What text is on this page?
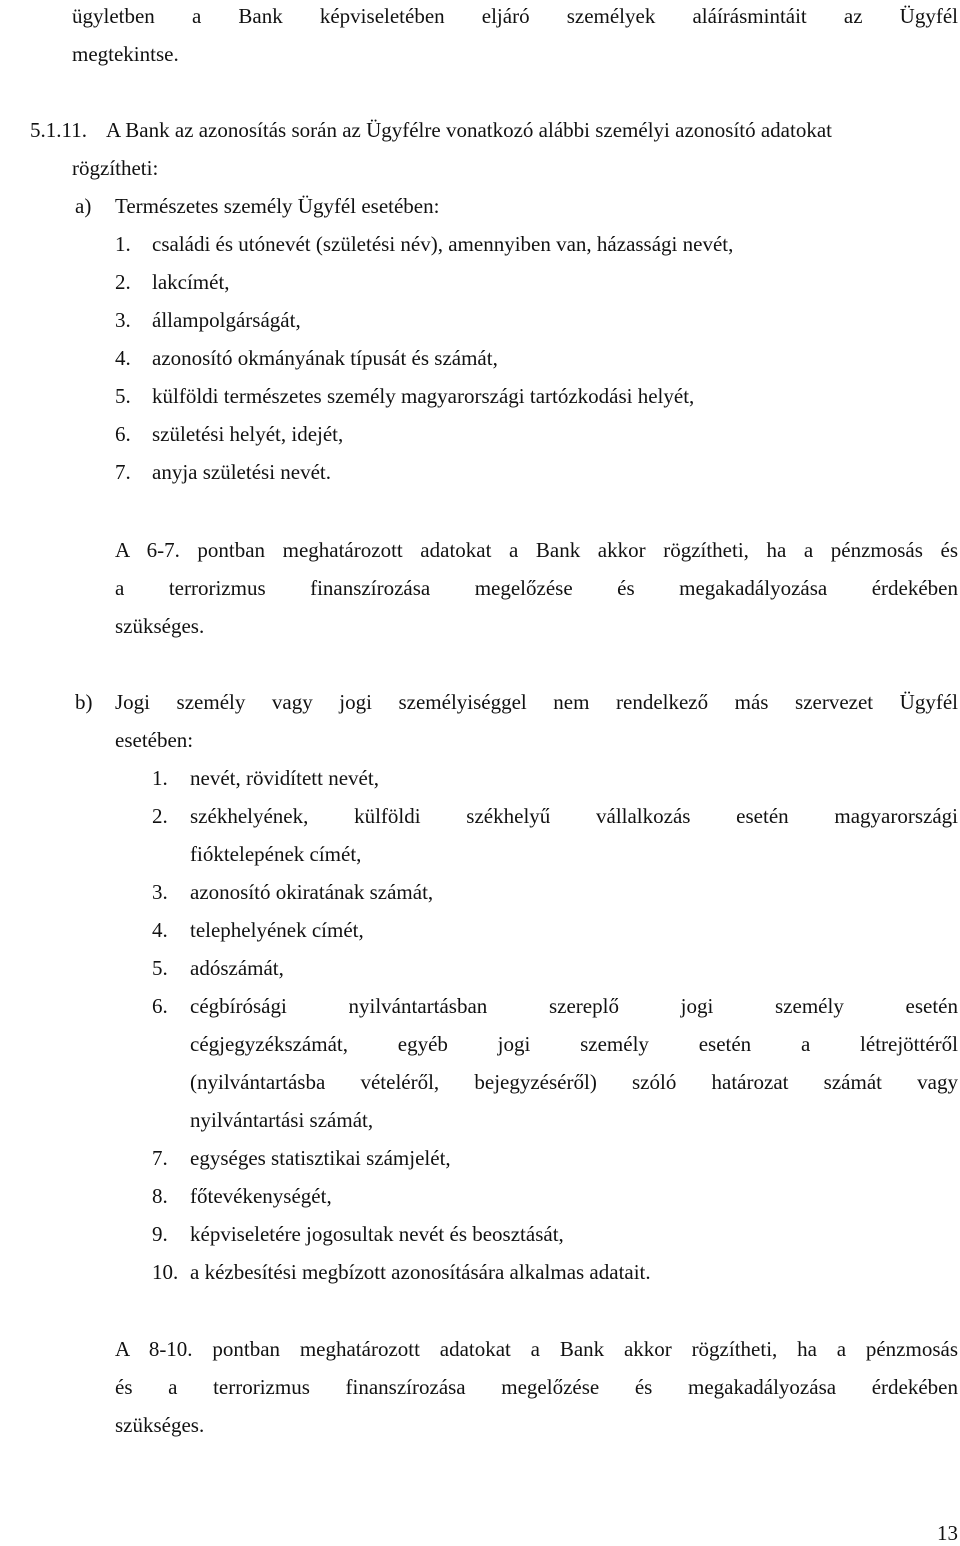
ügyletben a Bank képviseletében eljáró személyek aláírásmintáit az Ügyfél
megtekintse.
5.1.11. A Bank az azonosítás során az Ügyfélre vonatkozó alábbi személyi azonosító adatokat
rögzítheti:
a) Természetes személy Ügyfél esetében:
1. családi és utónevét (születési név), amennyiben van, házassági nevét,
2. lakcímét,
3. állampolgárságát,
4. azonosító okmányának típusát és számát,
5. külföldi természetes személy magyarországi tartózkodási helyét,
6. születési helyét, idejét,
7. anyja születési nevét.
A 6-7. pontban meghatározott adatokat a Bank akkor rögzítheti, ha a pénzmosás és
a terrorizmus finanszírozása megelőzése és megakadályozása érdekében
szükséges.
b) Jogi személy vagy jogi személyiséggel nem rendelkező más szervezet Ügyfél
esetében:
1. nevét, rövidített nevét,
2. székhelyének, külföldi székhelyű vállalkozás esetén magyarországi
fióktelepének címét,
3. azonosító okiratának számát,
4. telephelyének címét,
5. adószámát,
6. cégbírósági nyilvántartásban szereplő jogi személy esetén
cégjegyzékszámát, egyéb jogi személy esetén a létrejöttéről
(nyilvántartásba vételéről, bejegyzéséről) szóló határozat számát vagy
nyilvántartási számát,
7. egységes statisztikai számjelét,
8. főtevékenységét,
9. képviseletére jogosultak nevét és beosztását,
10. a kézbesítési megbízott azonosítására alkalmas adatait.
A 8-10. pontban meghatározott adatokat a Bank akkor rögzítheti, ha a pénzmosás
és a terrorizmus finanszírozása megelőzése és megakadályozása érdekében
szükséges.
13
